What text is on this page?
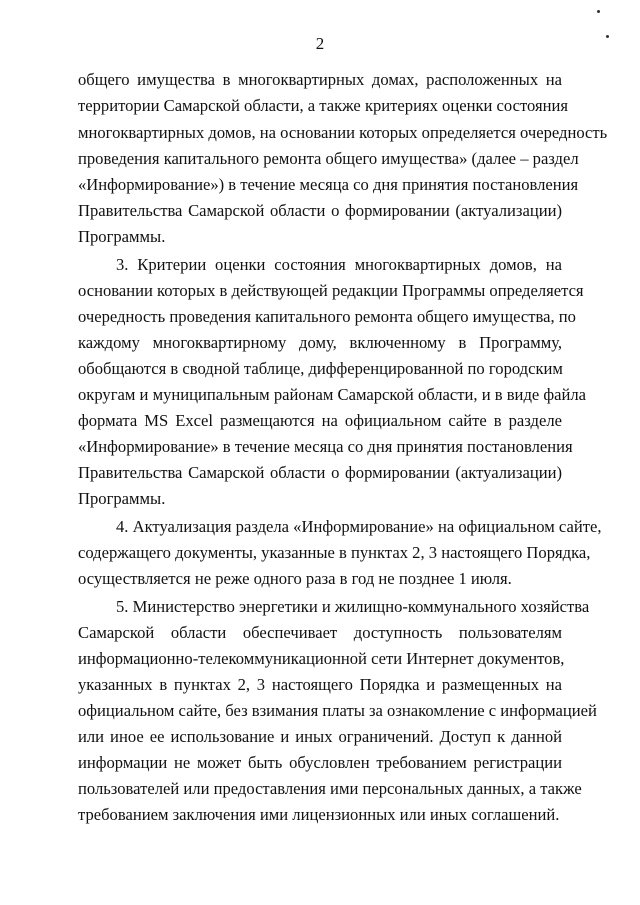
2
общего имущества в многоквартирных домах, расположенных на
территории Самарской области, а также критериях оценки состояния
многоквартирных домов, на основании которых определяется очередность
проведения капитального ремонта общего имущества» (далее – раздел
«Информирование») в течение месяца со дня принятия постановления
Правительства Самарской области о формировании (актуализации)
Программы.
3. Критерии оценки состояния многоквартирных домов, на
основании которых в действующей редакции Программы определяется
очередность проведения капитального ремонта общего имущества, по
каждому многоквартирному дому, включенному в Программу,
обобщаются в сводной таблице, дифференцированной по городским
округам и муниципальным районам Самарской области, и в виде файла
формата MS Excel размещаются на официальном сайте в разделе
«Информирование» в течение месяца со дня принятия постановления
Правительства Самарской области о формировании (актуализации)
Программы.
4. Актуализация раздела «Информирование» на официальном сайте,
содержащего документы, указанные в пунктах 2, 3 настоящего Порядка,
осуществляется не реже одного раза в год не позднее 1 июля.
5. Министерство энергетики и жилищно-коммунального хозяйства
Самарской области обеспечивает доступность пользователям
информационно-телекоммуникационной сети Интернет документов,
указанных в пунктах 2, 3 настоящего Порядка и размещенных на
официальном сайте, без взимания платы за ознакомление с информацией
или иное ее использование и иных ограничений. Доступ к данной
информации не может быть обусловлен требованием регистрации
пользователей или предоставления ими персональных данных, а также
требованием заключения ими лицензионных или иных соглашений.
